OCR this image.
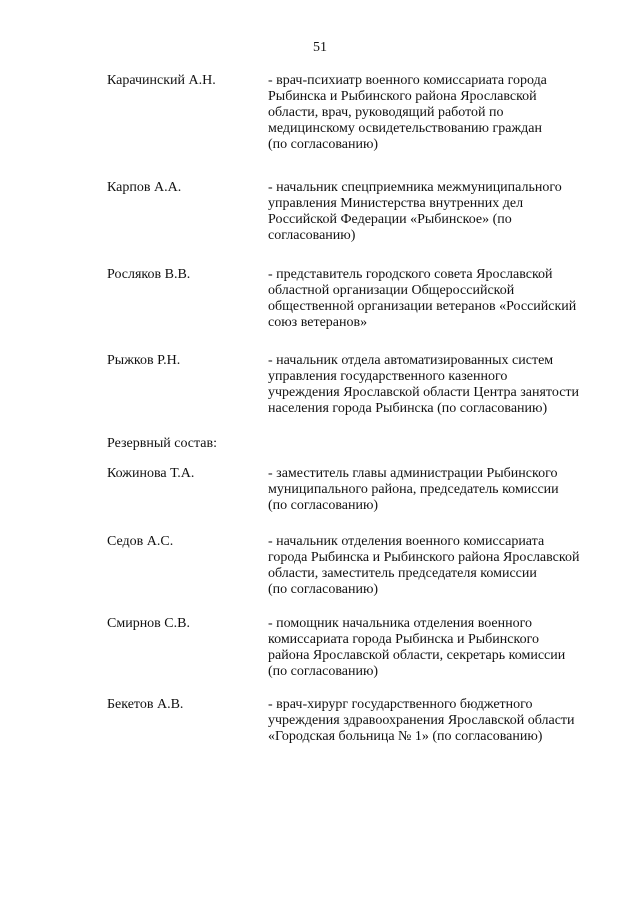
51
Карачинский А.Н.	- врач-психиатр военного комиссариата города
Рыбинска и Рыбинского района Ярославской
области, врач, руководящий работой по
медицинскому освидетельствованию граждан
(по согласованию)
Карпов А.А.	- начальник спецприемника межмуниципального
управления Министерства внутренних дел
Российской Федерации «Рыбинское» (по
согласованию)
Росляков В.В.	- представитель городского совета Ярославской
областной организации Общероссийской
общественной организации ветеранов «Российский
союз ветеранов»
Рыжков Р.Н.	- начальник отдела автоматизированных систем
управления государственного казенного
учреждения Ярославской области Центра занятости
населения города Рыбинска (по согласованию)
Резервный состав:
Кожинова Т.А.	- заместитель главы администрации Рыбинского
муниципального района, председатель комиссии
(по согласованию)
Седов А.С.	- начальник отделения военного комиссариата
города Рыбинска и Рыбинского района Ярославской
области, заместитель председателя комиссии
(по согласованию)
Смирнов С.В.	- помощник начальника отделения военного
комиссариата города Рыбинска и Рыбинского
района Ярославской области, секретарь комиссии
(по согласованию)
Бекетов А.В.	- врач-хирург государственного бюджетного
учреждения здравоохранения Ярославской области
«Городская больница № 1» (по согласованию)
